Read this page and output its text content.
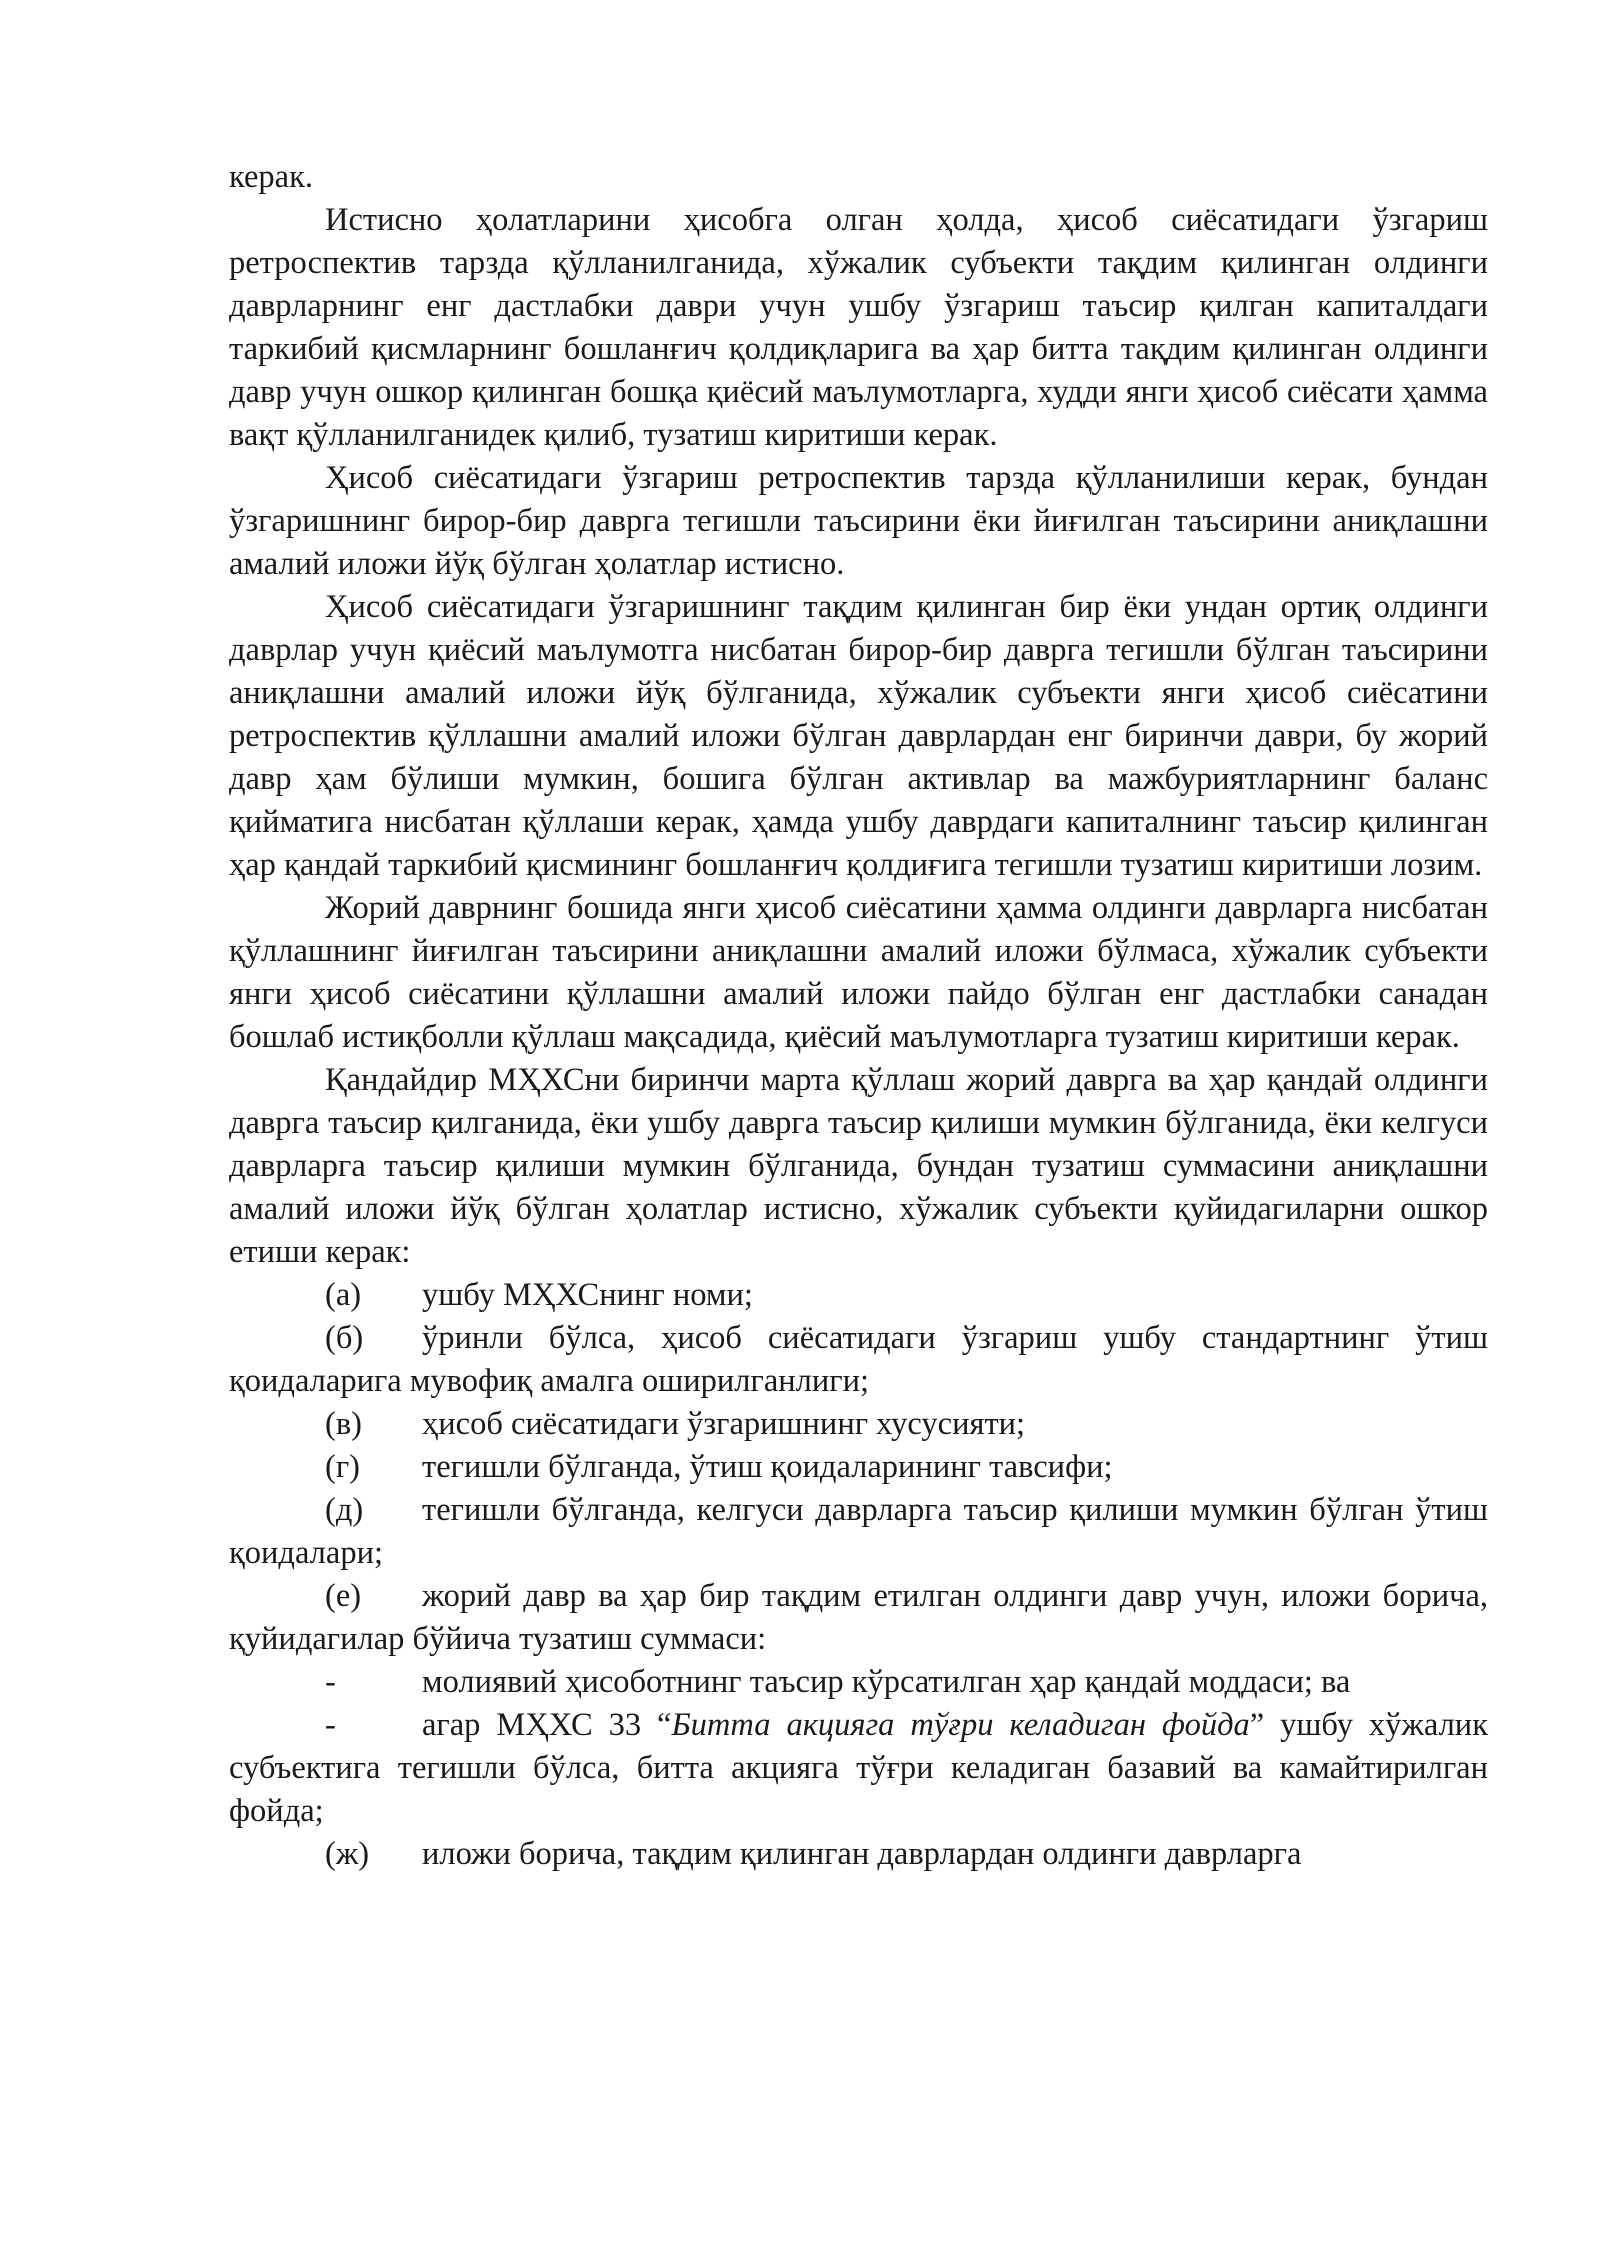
керак.

Истисно ҳолатларини ҳисобга олган ҳолда, ҳисоб сиёсатидаги ўзгариш ретроспектив тарзда қўлланилганида, хўжалик субъекти тақдим қилинган олдинги даврларнинг енг дастлабки даври учун ушбу ўзгариш таъсир қилган капиталдаги таркибий қисмларнинг бошланғич қолдиқларига ва ҳар битта тақдим қилинган олдинги давр учун ошкор қилинган бошқа қиёсий маълумотларга, худди янги ҳисоб сиёсати ҳамма вақт қўлланилганидек қилиб, тузатиш киритиши керак.

Ҳисоб сиёсатидаги ўзгариш ретроспектив тарзда қўлланилиши керак, бундан ўзгаришнинг бирор-бир даврга тегишли таъсирини ёки йиғилган таъсирини аниқлашни амалий иложи йўқ бўлган ҳолатлар истисно.

Ҳисоб сиёсатидаги ўзгаришнинг тақдим қилинган бир ёки ундан ортиқ олдинги даврлар учун қиёсий маълумотга нисбатан бирор-бир даврга тегишли бўлган таъсирини аниқлашни амалий иложи йўқ бўлганида, хўжалик субъекти янги ҳисоб сиёсатини ретроспектив қўллашни амалий иложи бўлган даврлардан енг биринчи даври, бу жорий давр ҳам бўлиши мумкин, бошига бўлган активлар ва мажбуриятларнинг баланс қийматига нисбатан қўллаши керак, ҳамда ушбу даврдаги капиталнинг таъсир қилинган ҳар қандай таркибий қисмининг бошланғич қолдиғига тегишли тузатиш киритиши лозим.

Жорий даврнинг бошида янги ҳисоб сиёсатини ҳамма олдинги даврларга нисбатан қўллашнинг йиғилган таъсирини аниқлашни амалий иложи бўлмаса, хўжалик субъекти янги ҳисоб сиёсатини қўллашни амалий иложи пайдо бўлган енг дастлабки санадан бошлаб истиқболли қўллаш мақсадида, қиёсий маълумотларга тузатиш киритиши керак.

Қандайдир МҲХСни биринчи марта қўллаш жорий даврга ва ҳар қандай олдинги даврга таъсир қилганида, ёки ушбу даврга таъсир қилиши мумкин бўлганида, ёки келгуси даврларга таъсир қилиши мумкин бўлганида, бундан тузатиш суммасини аниқлашни амалий иложи йўқ бўлган ҳолатлар истисно, хўжалик субъекти қуйидагиларни ошкор етиши керак:

(а) ушбу МҲХСнинг номи;

(б) ўринли бўлса, ҳисоб сиёсатидаги ўзгариш ушбу стандартнинг ўтиш қоидаларига мувофиқ амалга оширилганлиги;

(в) ҳисоб сиёсатидаги ўзгаришнинг хусусияти;

(г) тегишли бўлганда, ўтиш қоидаларининг тавсифи;

(д) тегишли бўлганда, келгуси даврларга таъсир қилиши мумкин бўлган ўтиш қоидалари;

(е) жорий давр ва ҳар бир тақдим етилган олдинги давр учун, иложи борича, қуйидагилар бўйича тузатиш суммаси:

-	молиявий ҳисоботнинг таъсир кўрсатилган ҳар қандай моддаси; ва

-	агар МҲХС 33 “Битта акцияга тўғри келадиган фойда” ушбу хўжалик субъектига тегишли бўлса, битта акцияга тўғри келадиган базавий ва камайтирилган фойда;

(ж) иложи борича, тақдим қилинган даврлардан олдинги даврларга
